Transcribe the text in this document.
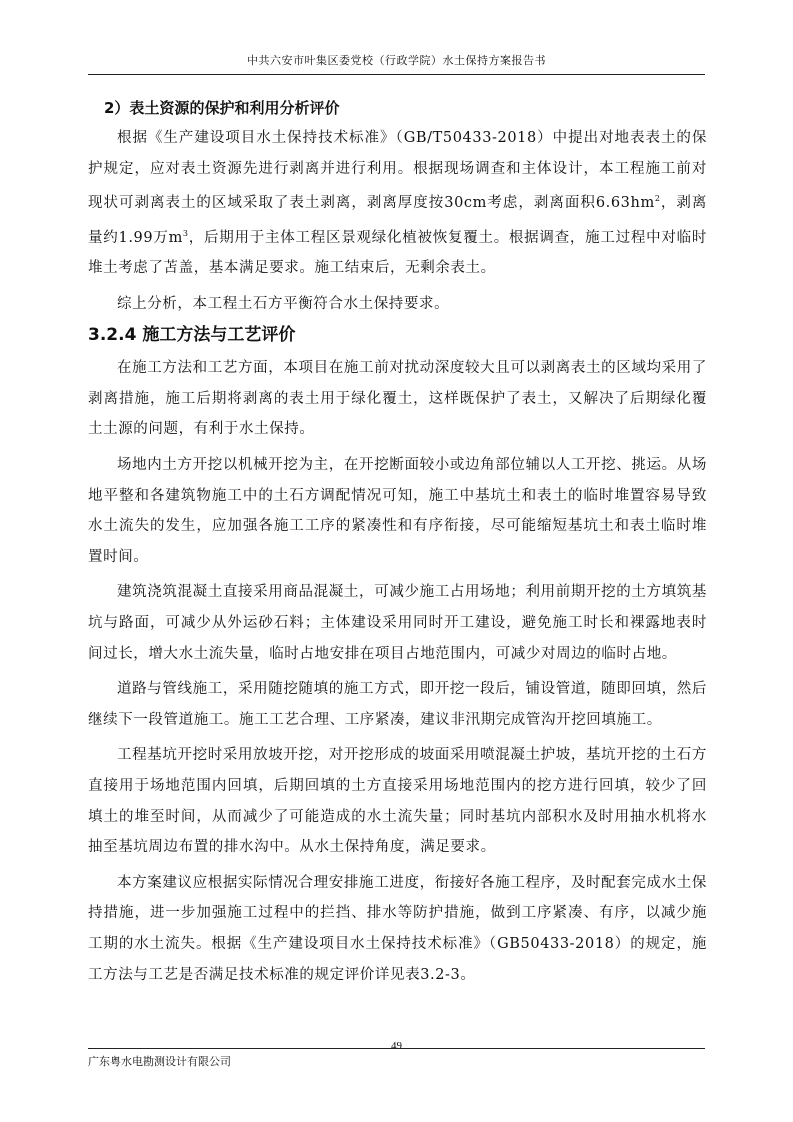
中共六安市叶集区委党校（行政学院）水土保持方案报告书
2）表土资源的保护和利用分析评价

根据《生产建设项目水土保持技术标准》（GB/T50433-2018）中提出对地表表土的保护规定，应对表土资源先进行剥离并进行利用。根据现场调查和主体设计，本工程施工前对现状可剥离表土的区域采取了表土剥离，剥离厚度按30cm考虑，剥离面积$6.63hm^2$，剥离量约1.99万$m^3$，后期用于主体工程区景观绿化植被恢复覆土。根据调查，施工过程中对临时堆土考虑了苫盖，基本满足要求。施工结束后，无剩余表土。

综上分析，本工程土石方平衡符合水土保持要求。

3.2.4 施工方法与工艺评价

在施工方法和工艺方面，本项目在施工前对扰动深度较大且可以剥离表土的区域均采用了剥离措施，施工后期将剥离的表土用于绿化覆土，这样既保护了表土，又解决了后期绿化覆土土源的问题，有利于水土保持。

场地内土方开挖以机械开挖为主，在开挖断面较小或边角部位辅以人工开挖、挑运。从场地平整和各建筑物施工中的土石方调配情况可知，施工中基坑土和表土的临时堆置容易导致水土流失的发生，应加强各施工工序的紧凑性和有序衔接，尽可能缩短基坑土和表土临时堆置时间。

建筑浇筑混凝土直接采用商品混凝土，可减少施工占用场地；利用前期开挖的土方填筑基坑与路面，可减少从外运砂石料；主体建设采用同时开工建设，避免施工时长和裸露地表时间过长，增大水土流失量，临时占地安排在项目占地范围内，可减少对周边的临时占地。

道路与管线施工，采用随挖随填的施工方式，即开挖一段后，铺设管道，随即回填，然后继续下一段管道施工。施工工艺合理、工序紧凑，建议非汛期完成管沟开挖回填施工。

工程基坑开挖时采用放坡开挖，对开挖形成的坡面采用喷混凝土护坡，基坑开挖的土石方直接用于场地范围内回填，后期回填的土方直接采用场地范围内的挖方进行回填，较少了回填土的堆至时间，从而减少了可能造成的水土流失量；同时基坑内部积水及时用抽水机将水抽至基坑周边布置的排水沟中。从水土保持角度，满足要求。

本方案建议应根据实际情况合理安排施工进度，衔接好各施工程序，及时配套完成水土保持措施，进一步加强施工过程中的拦挡、排水等防护措施，做到工序紧凑、有序，以减少施工期的水土流失。根据《生产建设项目水土保持技术标准》（GB50433-2018）的规定，施工方法与工艺是否满足技术标准的规定评价详见表3.2-3。

49
广东粤水电勘测设计有限公司
